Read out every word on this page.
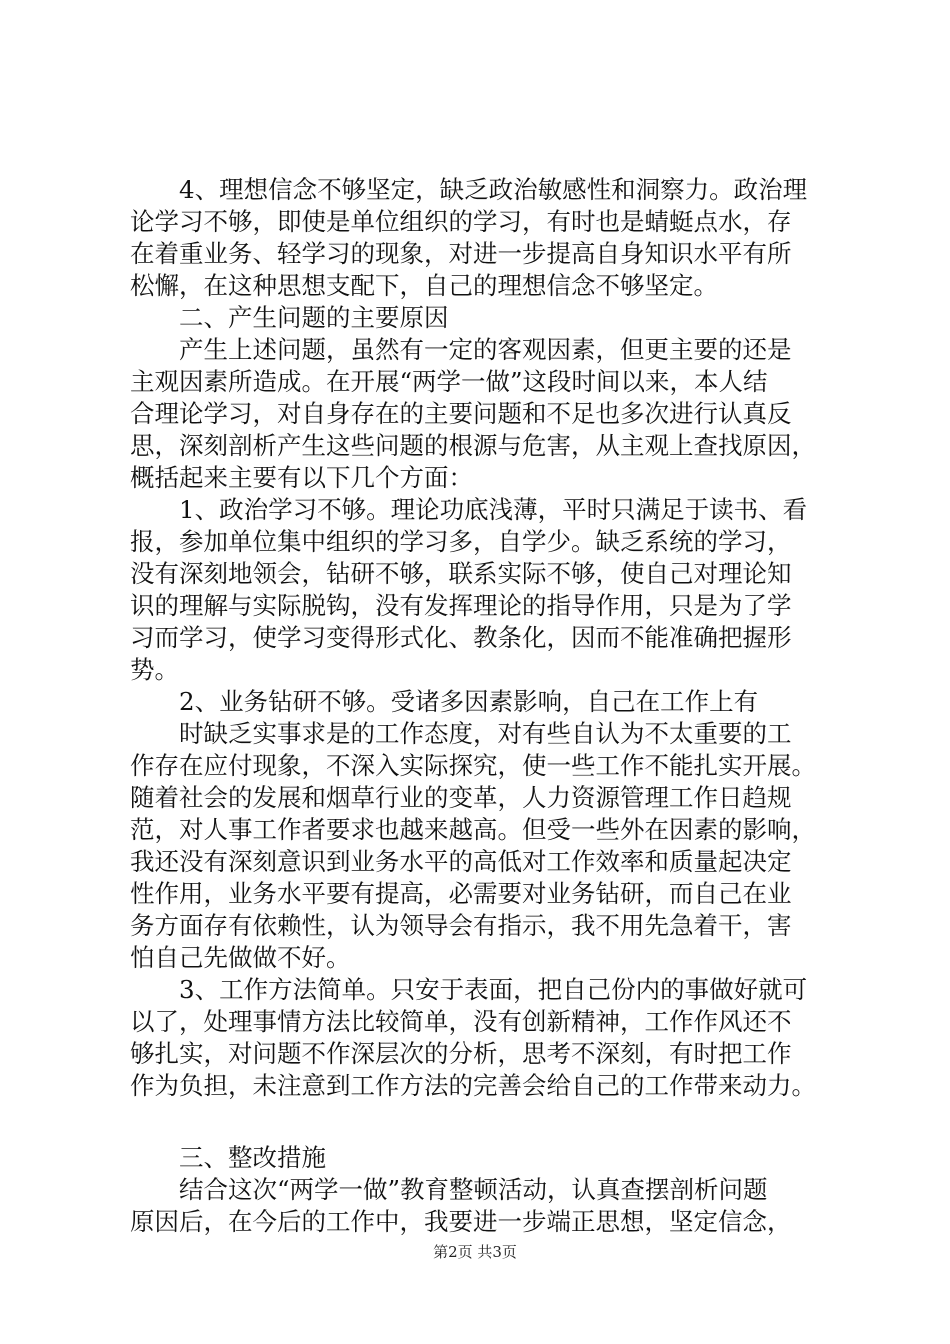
4、理想信念不够坚定，缺乏政治敏感性和洞察力。政治理
论学习不够，即使是单位组织的学习，有时也是蜻蜓点水，存
在着重业务、轻学习的现象，对进一步提高自身知识水平有所
松懈，在这种思想支配下，自己的理想信念不够坚定。
二、产生问题的主要原因
产生上述问题，虽然有一定的客观因素，但更主要的还是
主观因素所造成。在开展“两学一做”这段时间以来，本人结
合理论学习，对自身存在的主要问题和不足也多次进行认真反
思，深刻剖析产生这些问题的根源与危害，从主观上查找原因，
概括起来主要有以下几个方面：
1、政治学习不够。理论功底浅薄，平时只满足于读书、看
报，参加单位集中组织的学习多，自学少。缺乏系统的学习，
没有深刻地领会，钻研不够，联系实际不够，使自己对理论知
识的理解与实际脱钩，没有发挥理论的指导作用，只是为了学
习而学习，使学习变得形式化、教条化，因而不能准确把握形
势。
2、业务钻研不够。受诸多因素影响，自己在工作上有
时缺乏实事求是的工作态度，对有些自认为不太重要的工
作存在应付现象，不深入实际探究，使一些工作不能扎实开展。
随着社会的发展和烟草行业的变革，人力资源管理工作日趋规
范，对人事工作者要求也越来越高。但受一些外在因素的影响，
我还没有深刻意识到业务水平的高低对工作效率和质量起决定
性作用，业务水平要有提高，必需要对业务钻研，而自己在业
务方面存有依赖性，认为领导会有指示，我不用先急着干，害
怕自己先做做不好。
3、工作方法简单。只安于表面，把自己份内的事做好就可
以了，处理事情方法比较简单，没有创新精神，工作作风还不
够扎实，对问题不作深层次的分析，思考不深刻，有时把工作
作为负担，未注意到工作方法的完善会给自己的工作带来动力。
三、整改措施
结合这次“两学一做”教育整顿活动，认真查摆剖析问题
原因后，在今后的工作中，我要进一步端正思想，坚定信念，
第2页 共3页
